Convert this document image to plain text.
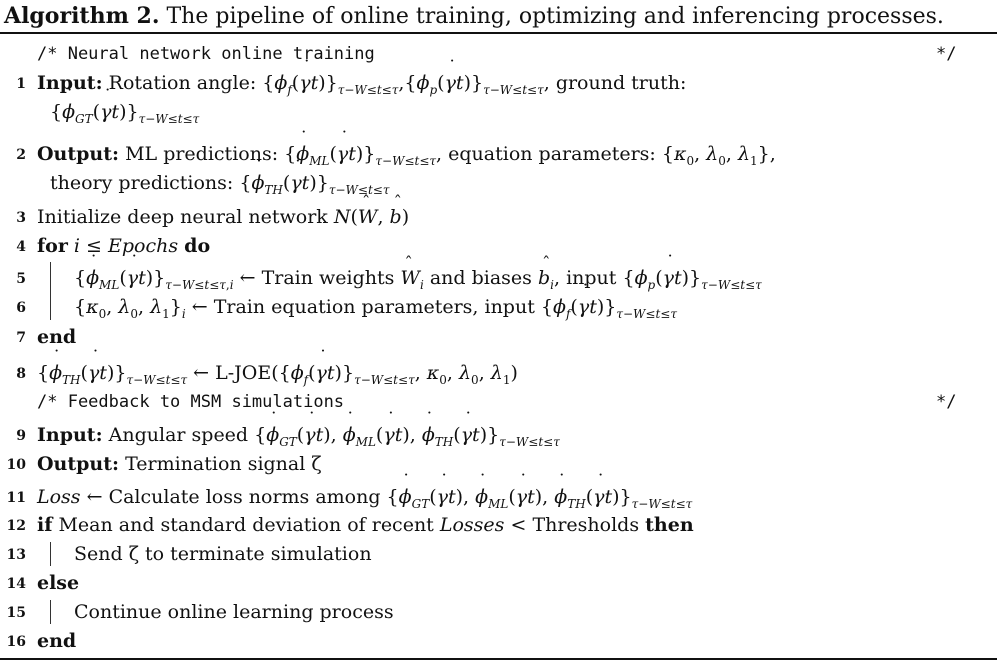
Algorithm 2. The pipeline of online training, optimizing and inferencing processes.
/* Neural network online training	*/
1 Input: Rotation angle: {$\phi_f(˙$ $\gamma t)\}_{\tau-W\le t\le\tau},\{\phi_p(˙$ $\gamma t)\}_{\tau-W\le t\le\tau}$, ground truth:
{˙ $\phi_{GT}(˙$ $\gamma t)\}_{\tau-W\le t\le\tau}$
2 Output: ML predictions: {˙ $\phi_{ML}(˙$ $\gamma t)\}_{\tau-W\le t\le\tau}$, equation parameters: {$\kappa_0$, $\lambda_0$, $\lambda_1$},
theory predictions: {˙ $\phi_{TH}(˙$ $\gamma t)\}_{\tau-W\le t\le\tau}$
3 Initialize deep neural network N(ˆ W, ˆ b)
4 for i ≤ Epochs do
5	{˙ $\phi_{ML}(˙$ $\gamma t)\}_{\tau-W\le t\le\tau,i}$ ← Train weights ˆ $W_i$ and biases ˆ $b_i$, input {$\phi_p(˙$ $\gamma t)\}_{\tau-W\le t\le\tau}$
6	{$\kappa_0$, $\lambda_0$, $\lambda_1\}_i$ ← Train equation parameters, input {$\phi_f(˙$ $\gamma t)\}_{\tau-W\le t\le\tau}$
7 end
8 {˙ $\phi_{TH}(˙$ $\gamma t)\}_{\tau-W\le t\le\tau}$ ← $L-JOE(\{\phi_f(˙$ $\gamma t)\}_{\tau-W\le t\le\tau}$, $\kappa_0$, $\lambda_0$, $\lambda_1$)
/* Feedback to MSM simulations	*/
9 Input: Angular speed {˙ $\phi_{GT}(˙$ γt), ˙ $\phi_{ML}(˙$ γt), ˙ $\phi_{TH}(˙$ $\gamma t)\}_{\tau-W\le t\le\tau}$
10 Output: Termination signal ζ
11 Loss ← Calculate loss norms among {˙ $\phi_{GT}(˙$ γt), ˙ $\phi_{ML}(˙$ γt), ˙ $\phi_{TH}(˙$ $\gamma t)\}_{\tau-W\le t\le\tau}$
12 if Mean and standard deviation of recent Losses < Thresholds then
13	Send ζ to terminate simulation
14 else
15	Continue online learning process
16 end
